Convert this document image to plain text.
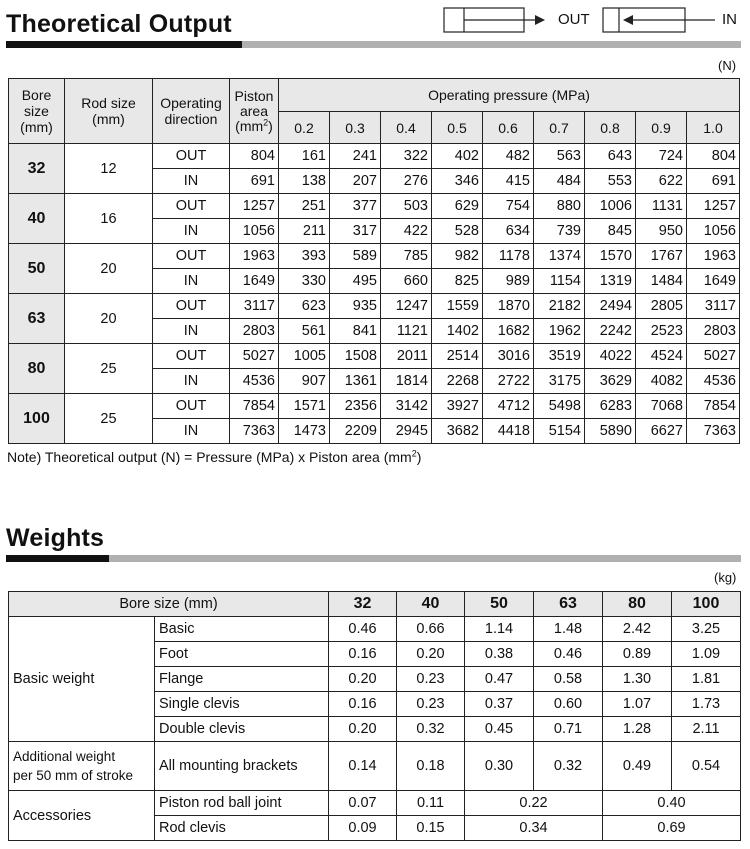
Theoretical Output	OUT	IN
(N)
Bore size (mm)	Rod size (mm)	Operating direction	Piston area
$(mm^2)$	Operating pressure (MPa)								
				0.2	0.3	0.4	0.5	0.6	0.7	0.8	0.9	1.0
32	12	OUT	804	161	241	322	402	482	563	643	724	804
		IN	691	138	207	276	346	415	484	553	622	691
40	16	OUT	1257	251	377	503	629	754	880	1006	1131	1257
		IN	1056	211	317	422	528	634	739	845	950	1056
50	20	OUT	1963	393	589	785	982	1178	1374	1570	1767	1963
		IN	1649	330	495	660	825	989	1154	1319	1484	1649
63	20	OUT	3117	623	935	1247	1559	1870	2182	2494	2805	3117
		IN	2803	561	841	1121	1402	1682	1962	2242	2523	2803
80	25	OUT	5027	1005	1508	2011	2514	3016	3519	4022	4524	5027
		IN	4536	907	1361	1814	2268	2722	3175	3629	4082	4536
100	25	OUT	7854	1571	2356	3142	3927	4712	5498	6283	7068	7854
		IN	7363	1473	2209	2945	3682	4418	5154	5890	6627	7363
Note) Theoretical output (N) = Pressure (MPa) x Piston area $(mm^2)$
Weights
(kg)
Bore size (mm)		32	40	50	63	80	100
Basic weight	Basic	0.46	0.66	1.14	1.48	2.42	3.25
	Foot	0.16	0.20	0.38	0.46	0.89	1.09
	Flange	0.20	0.23	0.47	0.58	1.30	1.81
	Single clevis	0.16	0.23	0.37	0.60	1.07	1.73
	Double clevis	0.20	0.32	0.45	0.71	1.28	2.11
Additional weight
per 50 mm of stroke	All mounting brackets	0.14	0.18	0.30	0.32	0.49	0.54
Accessories	Piston rod ball joint	0.07	0.11	0.22		0.40	
	Rod clevis	0.09	0.15	0.34		0.69	
